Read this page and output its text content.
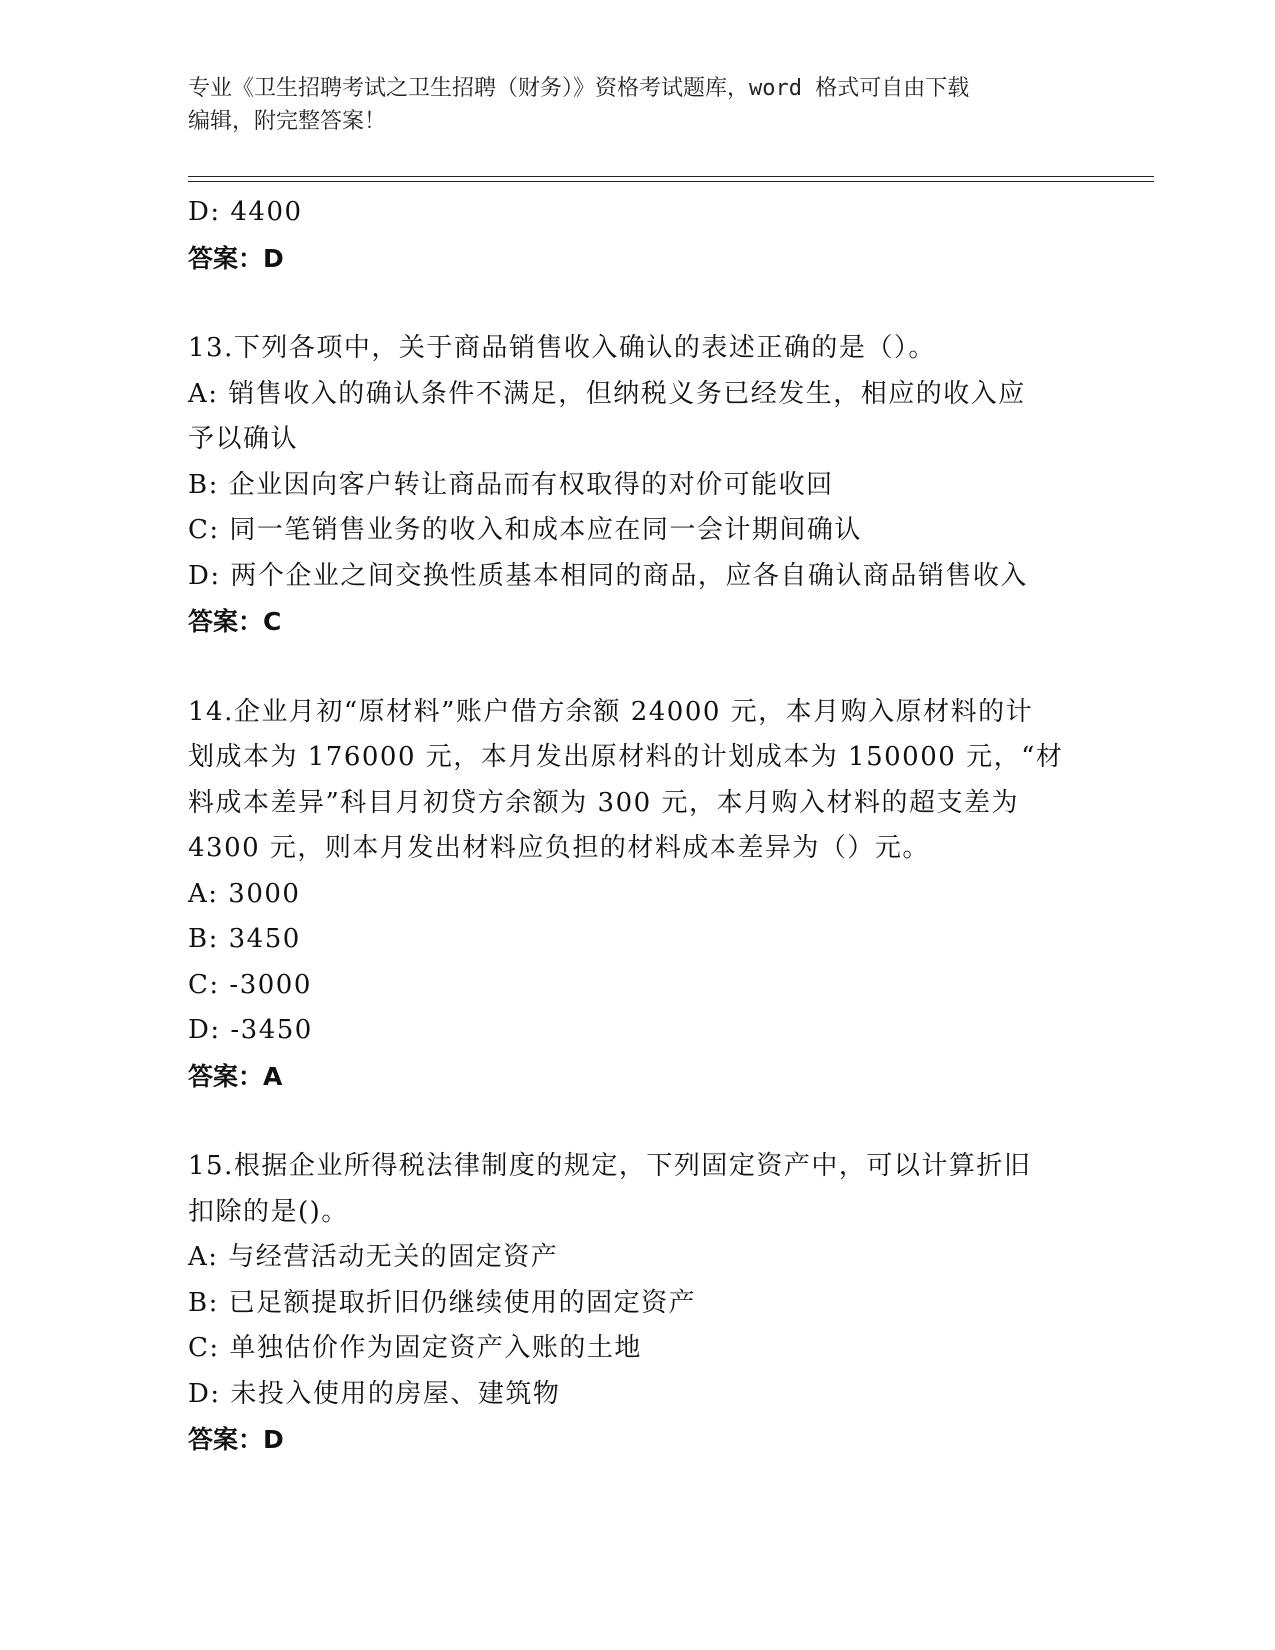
专业《卫生招聘考试之卫生招聘（财务）》资格考试题库，word 格式可自由下载

编辑，附完整答案！

D: 4400
答案：D
13.下列各项中，关于商品销售收入确认的表述正确的是（）。
A: 销售收入的确认条件不满足，但纳税义务已经发生，相应的收入应
予以确认
B: 企业因向客户转让商品而有权取得的对价可能收回
C: 同一笔销售业务的收入和成本应在同一会计期间确认
D: 两个企业之间交换性质基本相同的商品，应各自确认商品销售收入
答案：C
14.企业月初“原材料”账户借方余额 24000 元，本月购入原材料的计
划成本为 176000 元，本月发出原材料的计划成本为 150000 元，“材
料成本差异”科目月初贷方余额为 300 元，本月购入材料的超支差为
4300 元，则本月发出材料应负担的材料成本差异为（）元。
A: 3000
B: 3450
C: -3000
D: -3450
答案：A
15.根据企业所得税法律制度的规定，下列固定资产中，可以计算折旧
扣除的是()。
A: 与经营活动无关的固定资产
B: 已足额提取折旧仍继续使用的固定资产
C: 单独估价作为固定资产入账的土地
D: 未投入使用的房屋、建筑物
答案：D
